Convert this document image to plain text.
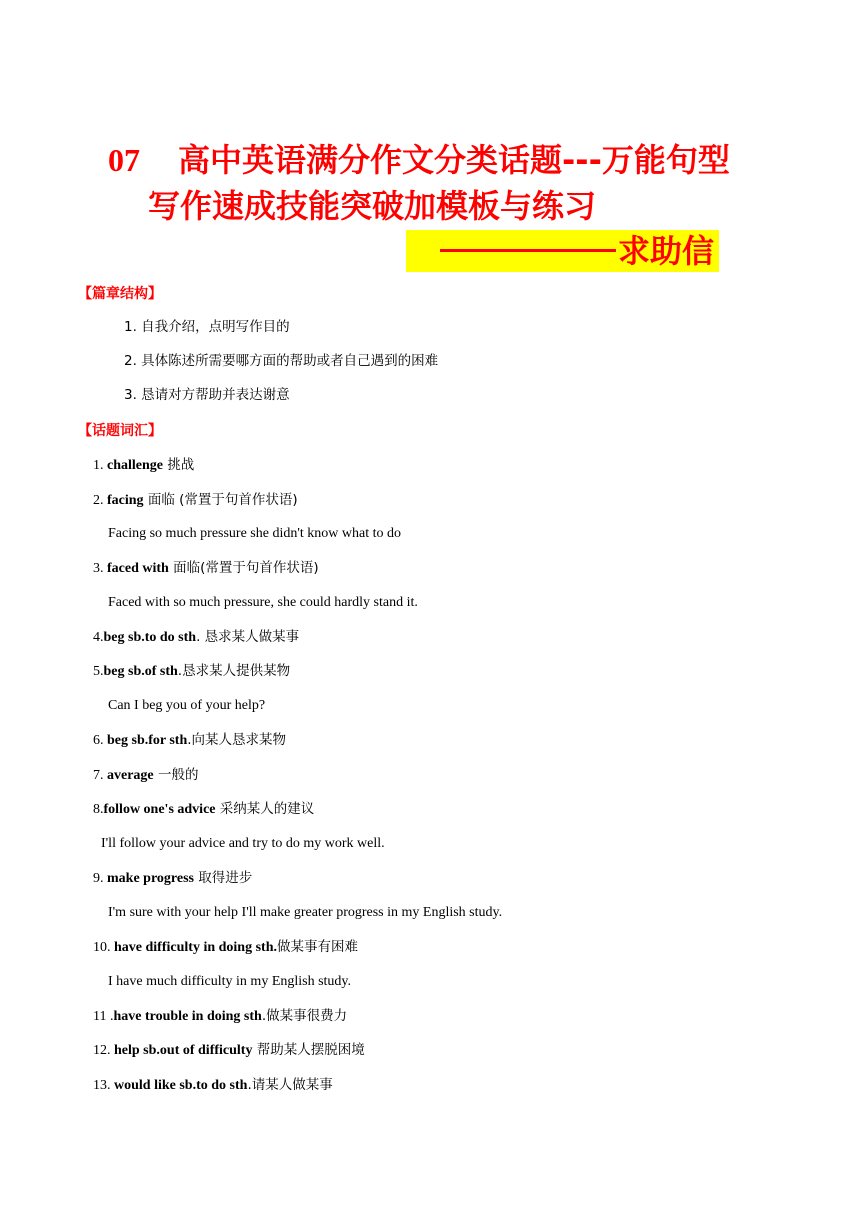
07 高中英语满分作文分类话题---万能句型
写作速成技能突破加模板与练习
求助信
【篇章结构】
1. 自我介绍，点明写作目的
2. 具体陈述所需要哪方面的帮助或者自己遇到的困难
3. 恳请对方帮助并表达谢意
【话题词汇】
1. challenge 挑战
2. facing 面临 (常置于句首作状语)
Facing so much pressure she didn't know what to do
3. faced with 面临(常置于句首作状语)
Faced with so much pressure, she could hardly stand it.
4.beg sb.to do sth. 恳求某人做某事
5.beg sb.of sth.恳求某人提供某物
Can I beg you of your help?
6. beg sb.for sth.向某人恳求某物
7. average 一般的
8.follow one's advice 采纳某人的建议
I'll follow your advice and try to do my work well.
9. make progress 取得进步
I'm sure with your help I'll make greater progress in my English study.
10. have difficulty in doing sth.做某事有困难
I have much difficulty in my English study.
11 .have trouble in doing sth.做某事很费力
12. help sb.out of difficulty 帮助某人摆脱困境
13. would like sb.to do sth.请某人做某事
